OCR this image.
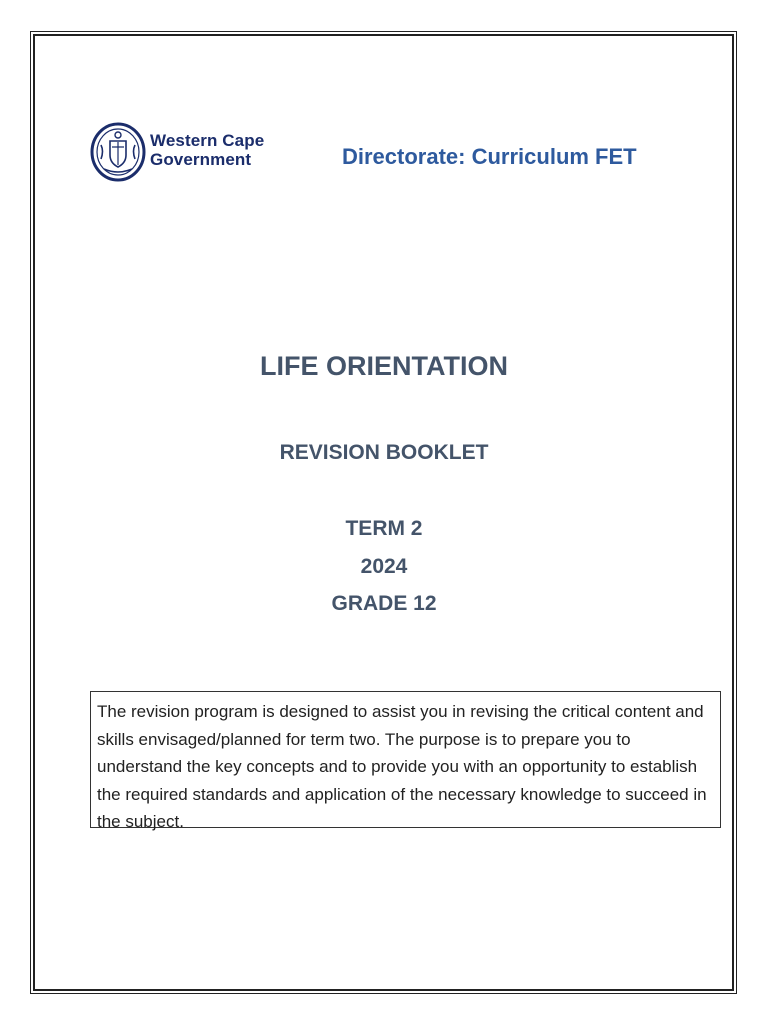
Western Cape
Government	Directorate: Curriculum FET
LIFE ORIENTATION
REVISION BOOKLET
TERM 2
2024
GRADE 12
The revision program is designed to assist you in revising the critical content and skills envisaged/planned for term two. The purpose is to prepare you to understand the key concepts and to provide you with an opportunity to establish the required standards and application of the necessary knowledge to succeed in the subject.
